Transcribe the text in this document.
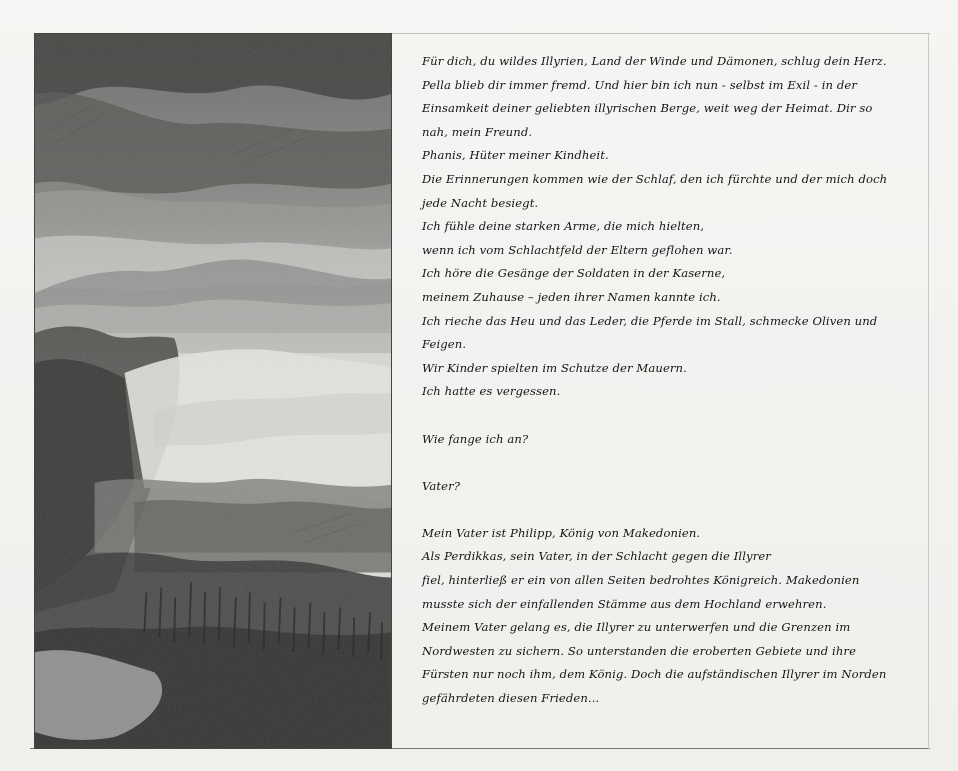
Für dich, du wildes Illyrien, Land der Winde und Dämonen, schlug dein Herz.

Pella blieb dir immer fremd. Und hier bin ich nun - selbst im Exil - in der Einsamkeit deiner geliebten illyrischen Berge, weit weg der Heimat. Dir so nah, mein Freund.

Phanis, Hüter meiner Kindheit.

Die Erinnerungen kommen wie der Schlaf, den ich fürchte und der mich doch jede Nacht besiegt.

Ich fühle deine starken Arme, die mich hielten,

wenn ich vom Schlachtfeld der Eltern geflohen war.

Ich höre die Gesänge der Soldaten in der Kaserne,

meinem Zuhause – jeden ihrer Namen kannte ich.

Ich rieche das Heu und das Leder, die Pferde im Stall, schmecke Oliven und Feigen.

Wir Kinder spielten im Schutze der Mauern.

Ich hatte es vergessen.

Wie fange ich an?

Vater?

Mein Vater ist Philipp, König von Makedonien.

Als Perdikkas, sein Vater, in der Schlacht gegen die Illyrer

fiel, hinterließ er ein von allen Seiten bedrohtes Königreich. Makedonien musste sich der einfallenden Stämme aus dem Hochland erwehren.

Meinem Vater gelang es, die Illyrer zu unterwerfen und die Grenzen im Nordwesten zu sichern. So unterstanden die eroberten Gebiete und ihre Fürsten nur noch ihm, dem König. Doch die aufständischen Illyrer im Norden gefährdeten diesen Frieden...
